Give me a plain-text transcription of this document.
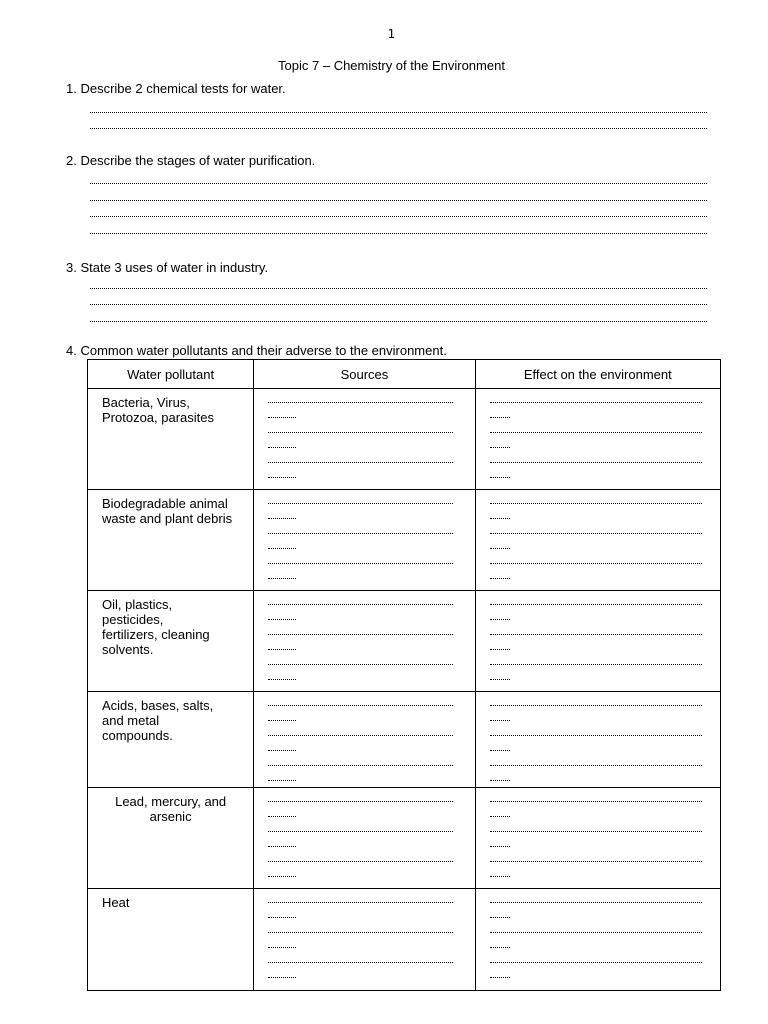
1
Topic 7 – Chemistry of the Environment
1. Describe 2 chemical tests for water.
2. Describe the stages of water purification.
3. State 3 uses of water in industry.
4. Common water pollutants and their adverse to the environment.
Water pollutant	Sources	Effect on the environment

Bacteria, Virus,
Protozoa, parasites		

Biodegradable animal
waste and plant debris		

Oil, plastics,
pesticides,
fertilizers, cleaning
solvents.		

Acids, bases, salts,
and metal
compounds.		

Lead, mercury, and
arsenic		

Heat		
